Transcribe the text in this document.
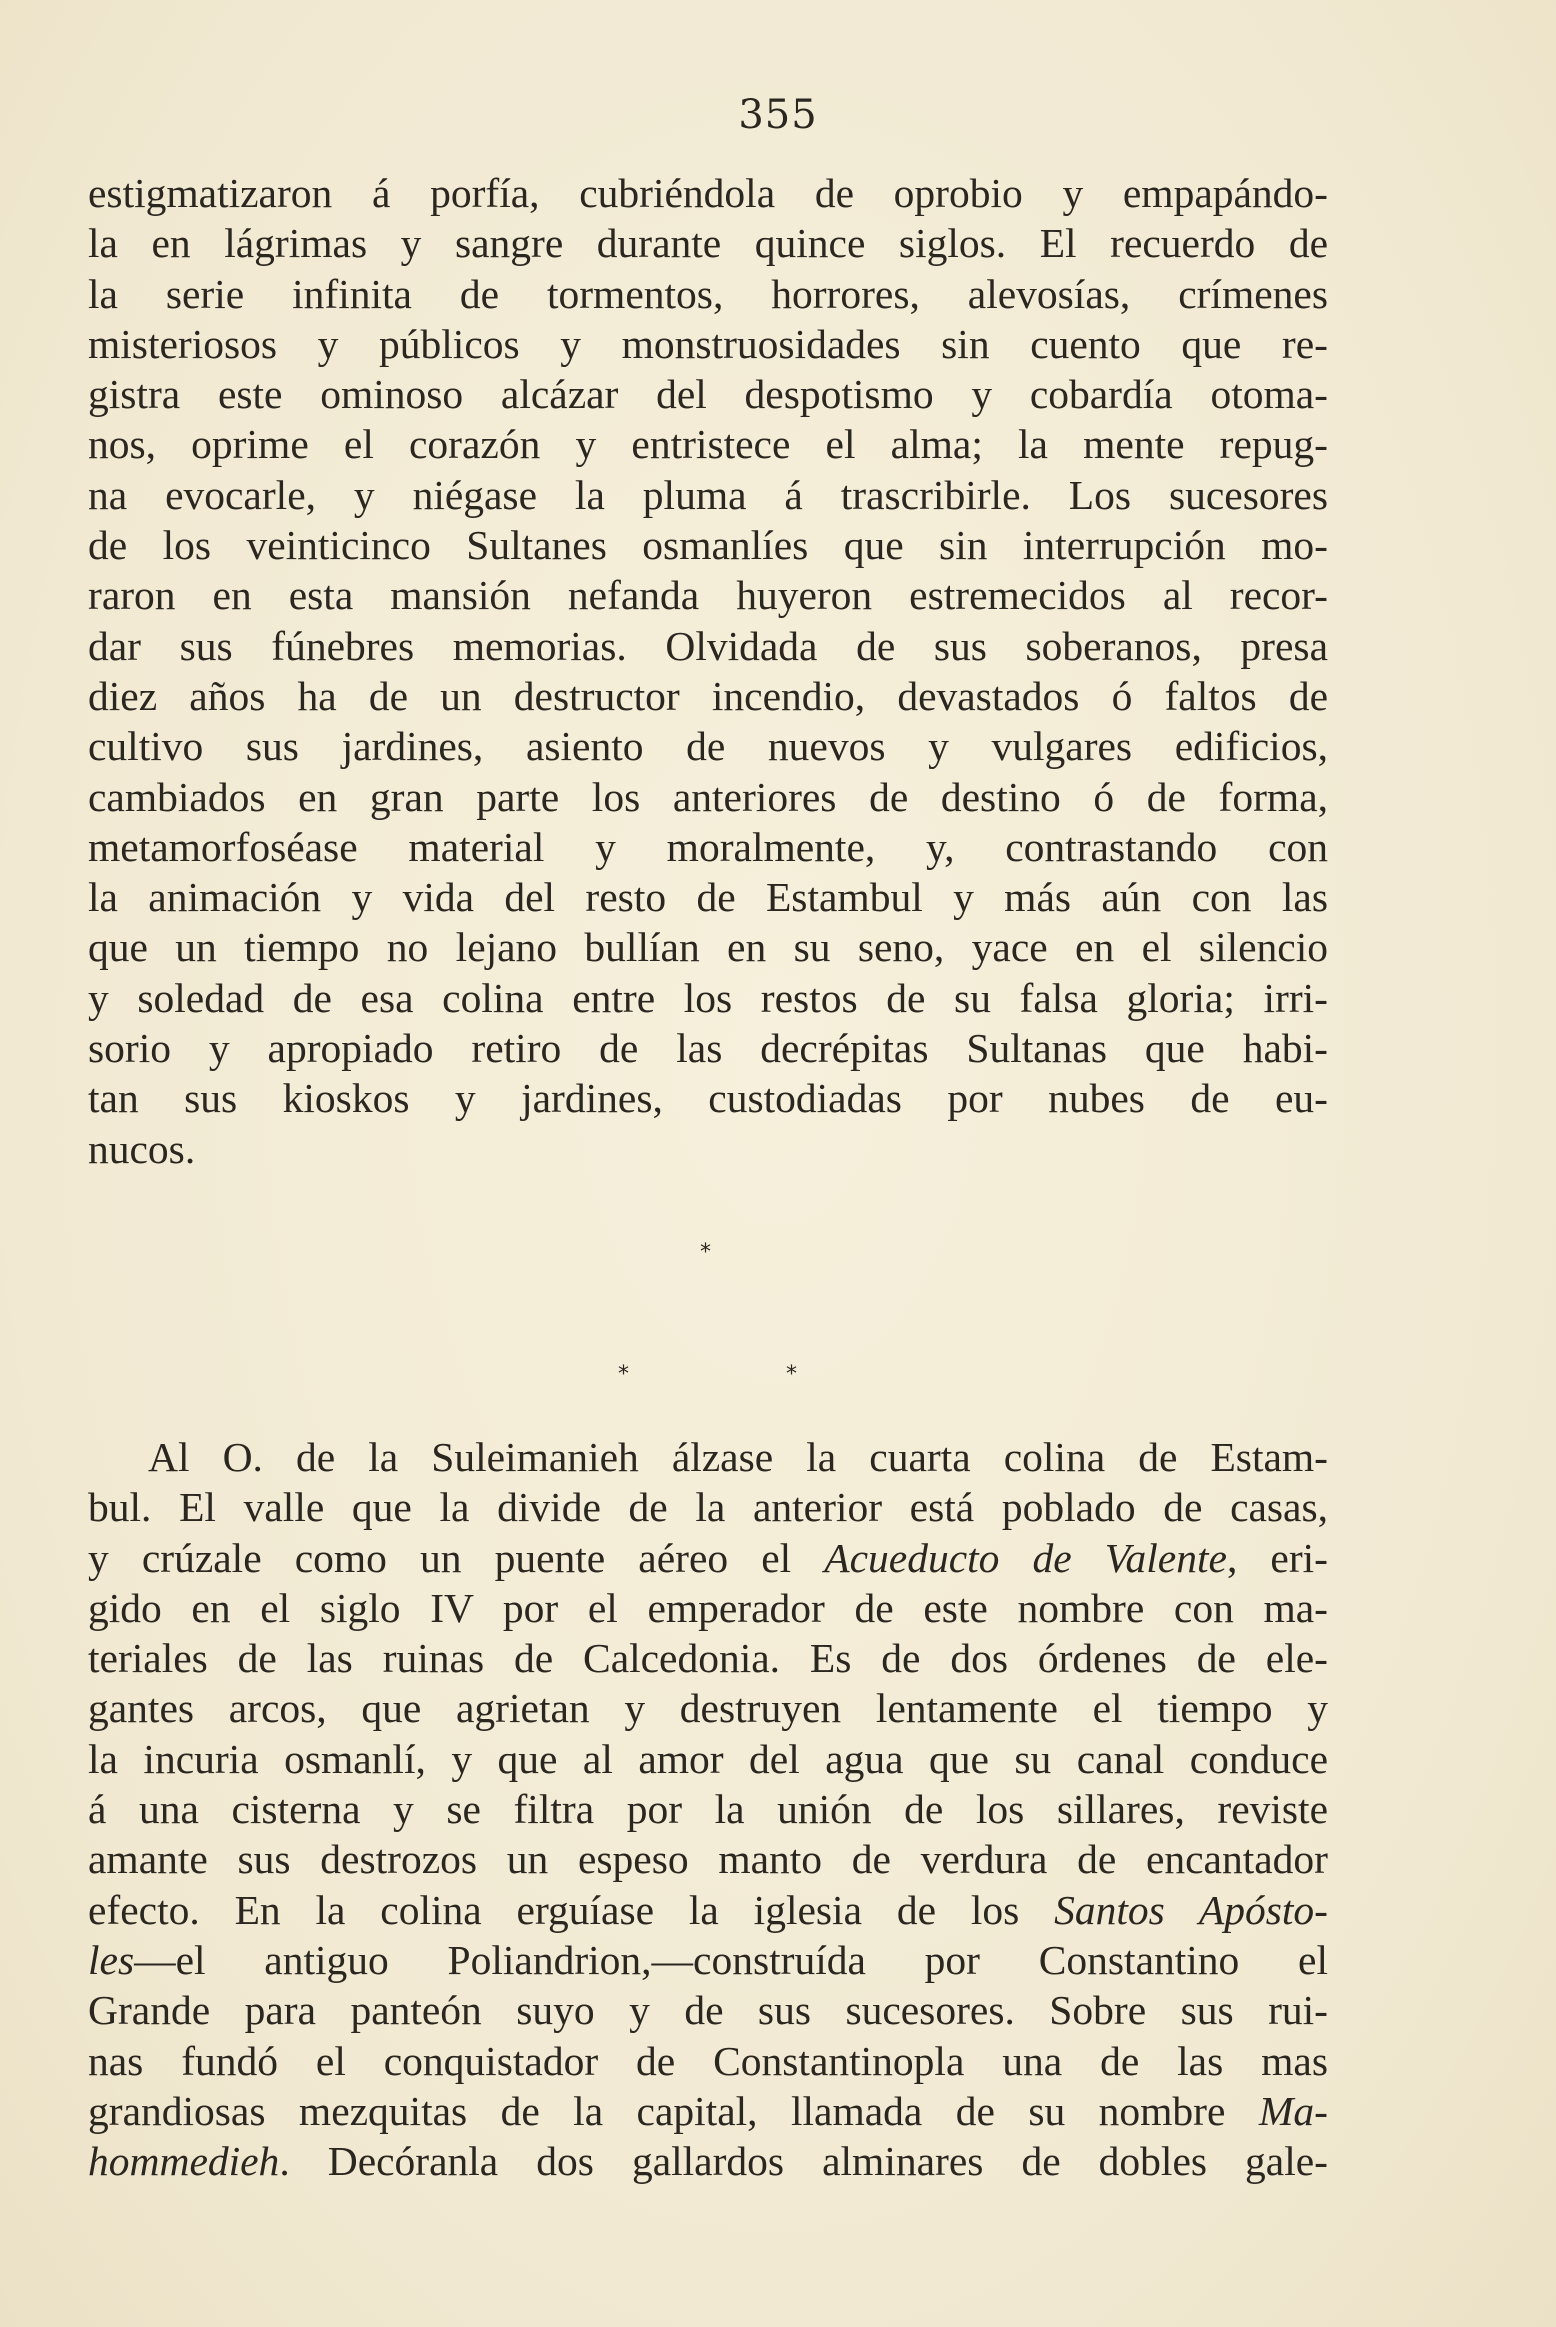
355
estigmatizaron á porfía, cubriéndola de oprobio y empapándo-
la en lágrimas y sangre durante quince siglos. El recuerdo de
la serie infinita de tormentos, horrores, alevosías, crímenes
misteriosos y públicos y monstruosidades sin cuento que re-
gistra este ominoso alcázar del despotismo y cobardía otoma-
nos, oprime el corazón y entristece el alma; la mente repug-
na evocarle, y niégase la pluma á trascribirle. Los sucesores
de los veinticinco Sultanes osmanlíes que sin interrupción mo-
raron en esta mansión nefanda huyeron estremecidos al recor-
dar sus fúnebres memorias. Olvidada de sus soberanos, presa
diez años ha de un destructor incendio, devastados ó faltos de
cultivo sus jardines, asiento de nuevos y vulgares edificios,
cambiados en gran parte los anteriores de destino ó de forma,
metamorfoséase material y moralmente, y, contrastando con
la animación y vida del resto de Estambul y más aún con las
que un tiempo no lejano bullían en su seno, yace en el silencio
y soledad de esa colina entre los restos de su falsa gloria; irri-
sorio y apropiado retiro de las decrépitas Sultanas que habi-
tan sus kioskos y jardines, custodiadas por nubes de eu-
nucos.
*
*	*
Al O. de la Suleimanieh álzase la cuarta colina de Estam-
bul. El valle que la divide de la anterior está poblado de casas,
y crúzale como un puente aéreo el Acueducto de Valente, eri-
gido en el siglo IV por el emperador de este nombre con ma-
teriales de las ruinas de Calcedonia. Es de dos órdenes de ele-
gantes arcos, que agrietan y destruyen lentamente el tiempo y
la incuria osmanlí, y que al amor del agua que su canal conduce
á una cisterna y se filtra por la unión de los sillares, reviste
amante sus destrozos un espeso manto de verdura de encantador
efecto. En la colina erguíase la iglesia de los Santos Apósto-
les—el antiguo Poliandrion,—construída por Constantino el
Grande para panteón suyo y de sus sucesores. Sobre sus rui-
nas fundó el conquistador de Constantinopla una de las mas
grandiosas mezquitas de la capital, llamada de su nombre Ma-
hommedieh. Decóranla dos gallardos alminares de dobles gale-
